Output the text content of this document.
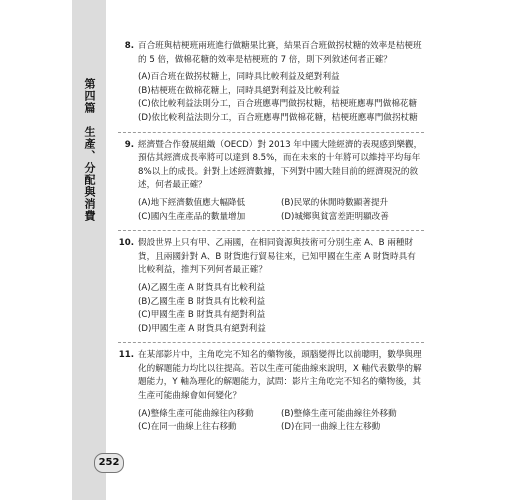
第四篇　生產、分配與消費
8. 百合班與桔梗班兩班進行做糖果比賽，結果百合班做拐杖糖的效率是桔梗班的 5 倍，做棉花糖的效率是桔梗班的 7 倍，則下列敘述何者正確？
(A)百合班在做拐杖糖上，同時具比較利益及絕對利益
(B)桔梗班在做棉花糖上，同時具絕對利益及比較利益
(C)依比較利益法則分工，百合班應專門做拐杖糖，桔梗班應專門做棉花糖
(D)依比較利益法則分工，百合班應專門做棉花糖，桔梗班應專門做拐杖糖
9. 經濟暨合作發展組織（OECD）對 2013 年中國大陸經濟的表現感到樂觀，預估其經濟成長率將可以達到 8.5%，而在未來的十年將可以維持平均每年 8%以上的成長。針對上述經濟數據，下列對中國大陸目前的經濟現況的敘述，何者最正確？
(A)地下經濟數值應大幅降低	(B)民眾的休閒時數顯著提升
(C)國內生產產品的數量增加	(D)城鄉與貧富差距明顯改善
10. 假設世界上只有甲、乙兩國，在相同資源與技術可分別生產 A、B 兩種財貨，且兩國針對 A、B 財貨進行貿易往來，已知甲國在生產 A 財貨時具有比較利益，推判下列何者最正確？
(A)乙國生產 A 財貨具有比較利益
(B)乙國生產 B 財貨具有比較利益
(C)甲國生產 B 財貨具有絕對利益
(D)甲國生產 A 財貨具有絕對利益
11. 在某部影片中，主角吃完不知名的藥物後，頭腦變得比以前聰明，數學與理化的解題能力均比以往提高。若以生產可能曲線來說明，X 軸代表數學的解題能力，Y 軸為理化的解題能力，試問：影片主角吃完不知名的藥物後，其生產可能曲線會如何變化？
(A)整條生產可能曲線往內移動	(B)整條生產可能曲線往外移動
(C)在同一曲線上往右移動	(D)在同一曲線上往左移動
252
